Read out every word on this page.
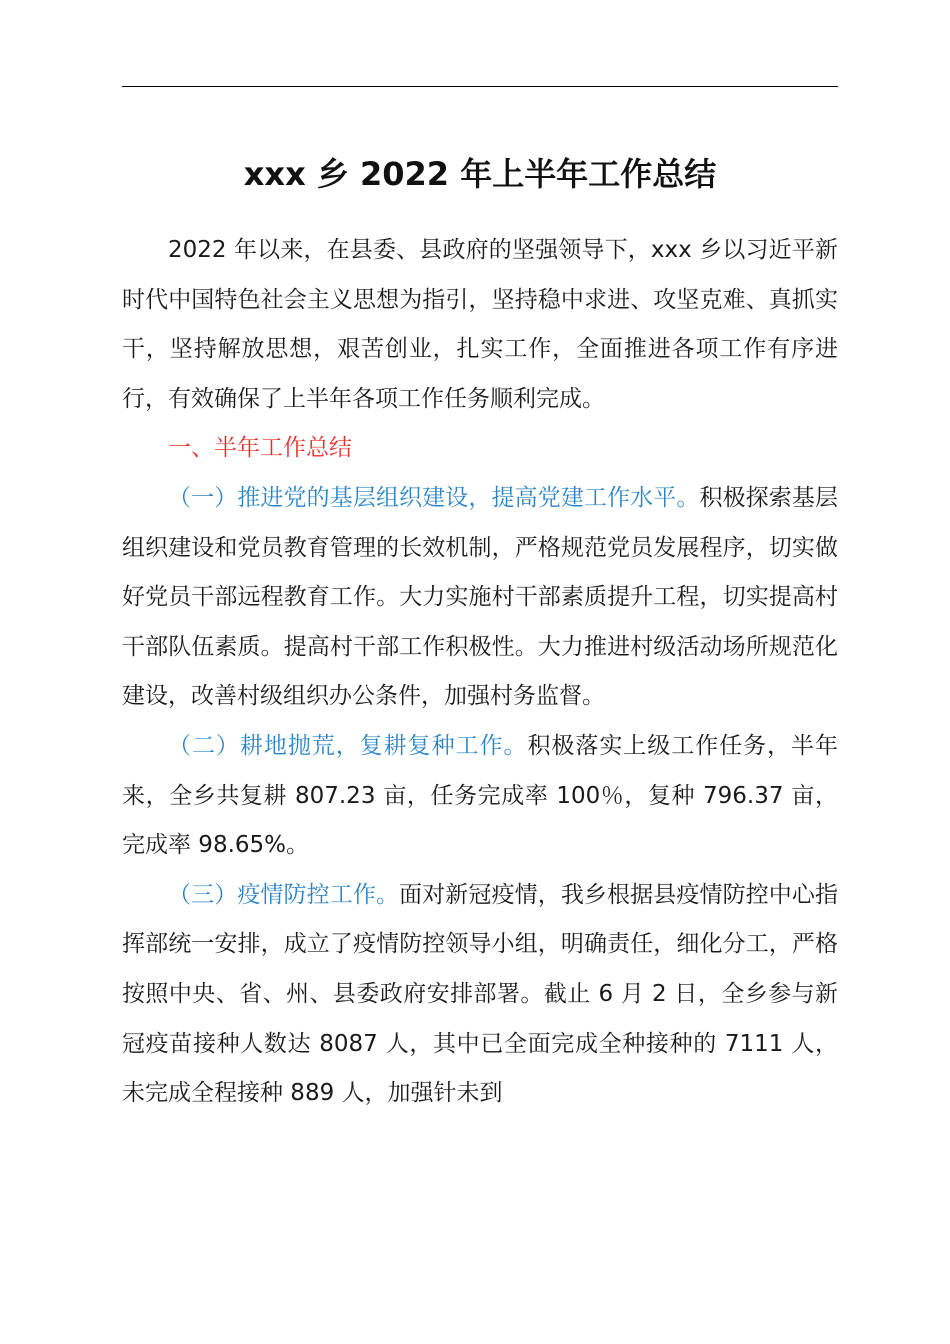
xxx 乡 2022 年上半年工作总结

2022 年以来，在县委、县政府的坚强领导下，xxx 乡以习近平新时代中国特色社会主义思想为指引，坚持稳中求进、攻坚克难、真抓实干，坚持解放思想，艰苦创业，扎实工作，全面推进各项工作有序进行，有效确保了上半年各项工作任务顺利完成。

一、半年工作总结

（一）推进党的基层组织建设，提高党建工作水平。积极探索基层组织建设和党员教育管理的长效机制，严格规范党员发展程序，切实做好党员干部远程教育工作。大力实施村干部素质提升工程，切实提高村干部队伍素质。提高村干部工作积极性。大力推进村级活动场所规范化建设，改善村级组织办公条件，加强村务监督。

（二）耕地抛荒，复耕复种工作。积极落实上级工作任务，半年来，全乡共复耕 807.23 亩，任务完成率 100％，复种 796.37 亩，完成率 98.65%。

（三）疫情防控工作。面对新冠疫情，我乡根据县疫情防控中心指挥部统一安排，成立了疫情防控领导小组，明确责任，细化分工，严格按照中央、省、州、县委政府安排部署。截止 6 月 2 日，全乡参与新冠疫苗接种人数达 8087 人，其中已全面完成全种接种的 7111 人，未完成全程接种 889 人，加强针未到
